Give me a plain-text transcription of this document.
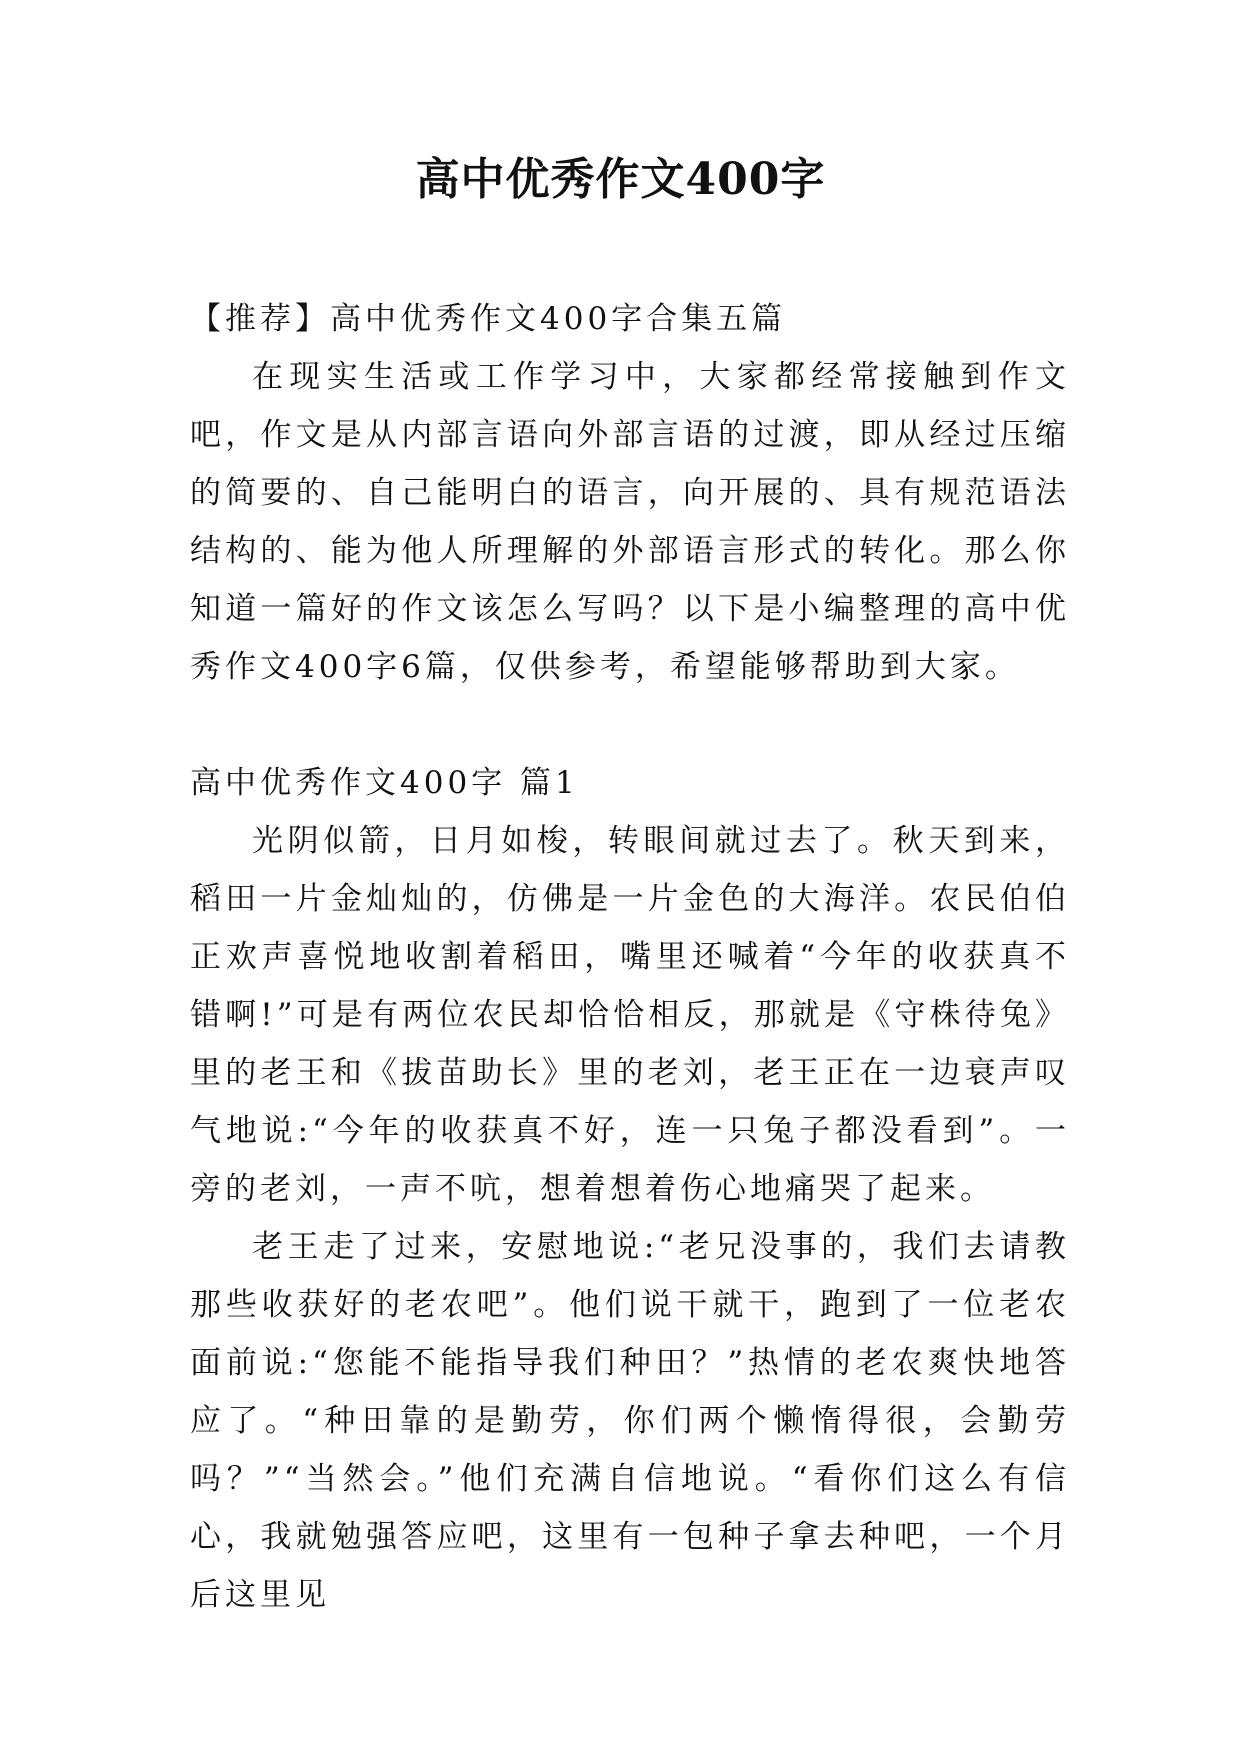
高中优秀作文400字

【推荐】高中优秀作文400字合集五篇

在现实生活或工作学习中，大家都经常接触到作文吧，作文是从内部言语向外部言语的过渡，即从经过压缩的简要的、自己能明白的语言，向开展的、具有规范语法结构的、能为他人所理解的外部语言形式的转化。那么你知道一篇好的作文该怎么写吗？以下是小编整理的高中优秀作文400字6篇，仅供参考，希望能够帮助到大家。

高中优秀作文400字 篇1

光阴似箭，日月如梭，转眼间就过去了。秋天到来，稻田一片金灿灿的，仿佛是一片金色的大海洋。农民伯伯正欢声喜悦地收割着稻田，嘴里还喊着“今年的收获真不错啊!”可是有两位农民却恰恰相反，那就是《守株待兔》里的老王和《拔苗助长》里的老刘，老王正在一边衰声叹气地说:“今年的收获真不好，连一只兔子都没看到”。一旁的老刘，一声不吭，想着想着伤心地痛哭了起来。

老王走了过来，安慰地说:“老兄没事的，我们去请教那些收获好的老农吧”。他们说干就干，跑到了一位老农面前说:“您能不能指导我们种田？”热情的老农爽快地答应了。“种田靠的是勤劳，你们两个懒惰得很，会勤劳吗？”“当然会。”他们充满自信地说。“看你们这么有信心，我就勉强答应吧，这里有一包种子拿去种吧，一个月后这里见
